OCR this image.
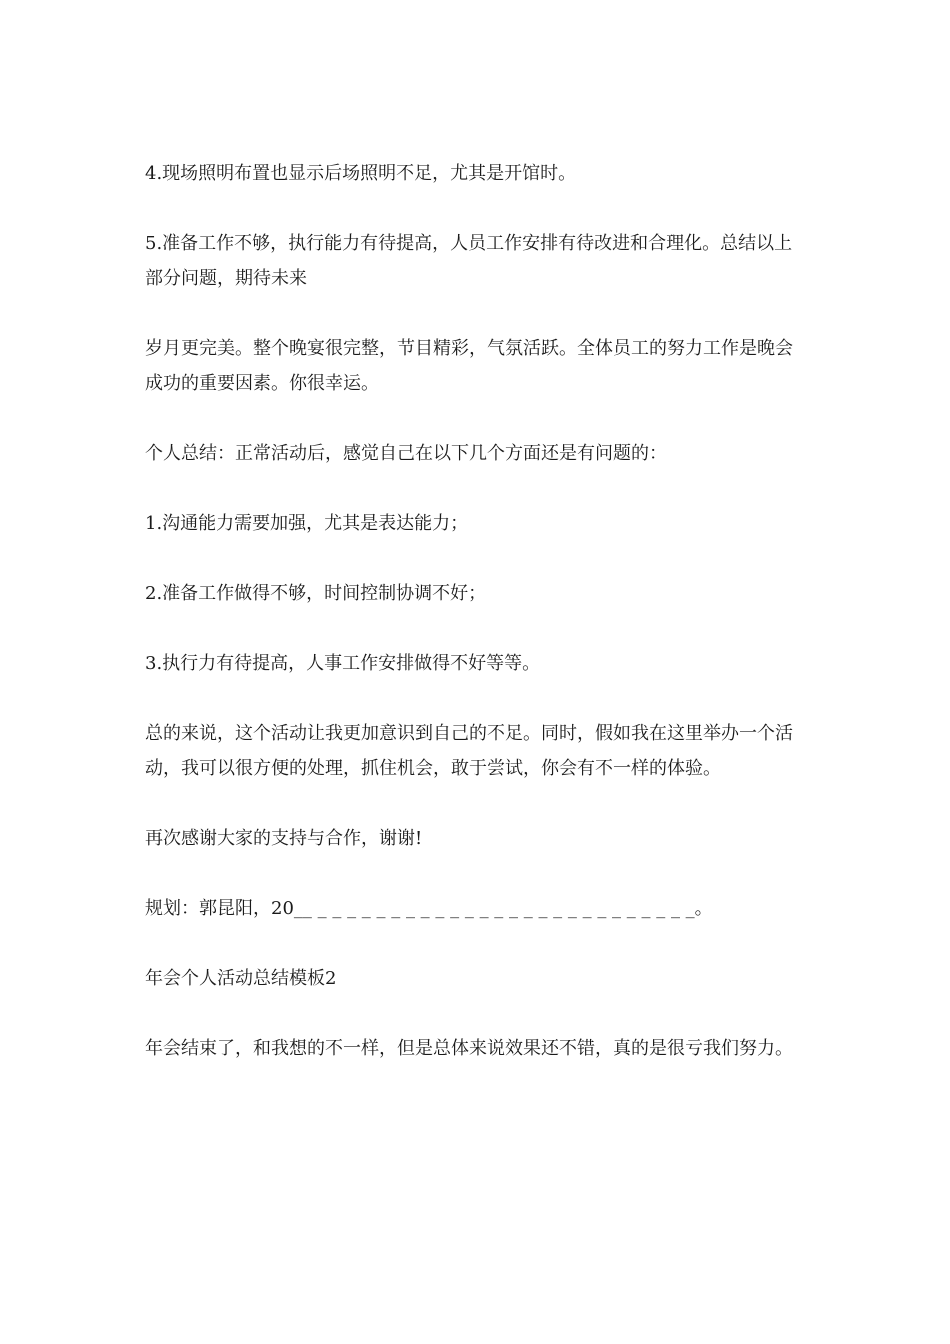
4.现场照明布置也显示后场照明不足，尤其是开馆时。

5.准备工作不够，执行能力有待提高，人员工作安排有待改进和合理化。总结以上部分问题，期待未来

岁月更完美。整个晚宴很完整，节目精彩，气氛活跃。全体员工的努力工作是晚会成功的重要因素。你很幸运。

个人总结：正常活动后，感觉自己在以下几个方面还是有问题的：

1.沟通能力需要加强，尤其是表达能力；

2.准备工作做得不够，时间控制协调不好；

3.执行力有待提高，人事工作安排做得不好等等。

总的来说，这个活动让我更加意识到自己的不足。同时，假如我在这里举办一个活动，我可以很方便的处理，抓住机会，敢于尝试，你会有不一样的体验。

再次感谢大家的支持与合作，谢谢!

规划：郭昆阳，20__ _ _ _ _ _ _ _ _ _ _ _ _ _ _ _ _ _ _ _ _ _ _ _ _ _ _。

年会个人活动总结模板2

年会结束了，和我想的不一样，但是总体来说效果还不错，真的是很亏我们努力。
